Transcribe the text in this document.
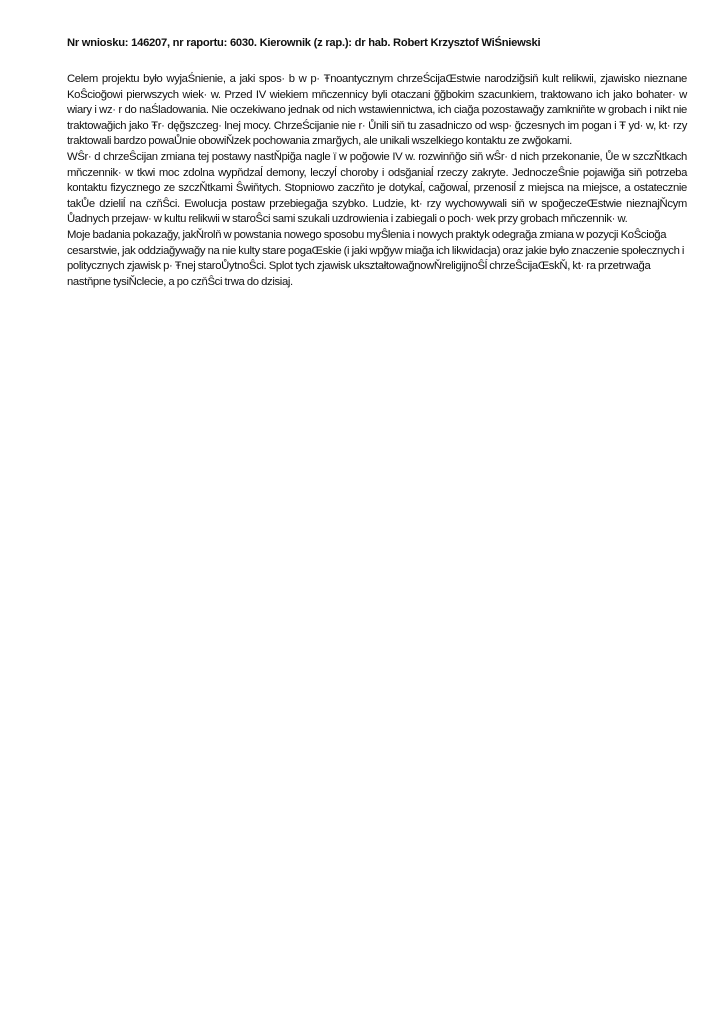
Nr wniosku: 146207, nr raportu: 6030. Kierownik (z rap.): dr hab. Robert Krzysztof WiŚniewski

Celem projektu było wyjaŚnienie, a jaki spos· b w p· Ŧnoantycznym chrzeŚcijaŒstwie narodziğsiň kult relikwii, zjawisko nieznane KoŜcioğowi pierwszych wiek· w. Przed IV wiekiem mňczennicy byli otaczani ğğbokim szacunkiem, traktowano ich jako bohater· w wiary i wz· r do naŚladowania. Nie oczekiwano jednak od nich wstawiennictwa, ich ciağa pozostawağy zamkniňte w grobach i nikt nie traktowağich jako Ŧr· dęğszczeg· lnej mocy. ChrzeŚcijanie nie r· Ůnili siň tu zasadniczo od wsp· ğczesnych im pogan i Ŧ yd· w, kt· rzy traktowali bardzo powaŮnie obowiŇzek pochowania zmarğych, ale unikali wszelkiego kontaktu ze zwğokami.

WŜr· d chrzeŜcijan zmiana tej postawy nastŇpiğa nagle ï w poğowie IV w. rozwinňğo siň wŜr· d nich przekonanie, Ůe w szczŇtkach mňczennik· w tkwi moc zdolna wypňdzaĺ demony, leczyĺ choroby i odsğaniaĺ rzeczy zakryte. JednoczeŜnie pojawiğa siň potrzeba kontaktu fizycznego ze szczŇtkami Ŝwiňtych. Stopniowo zaczňto je dotykaĺ, cağowaĺ, przenosiĺ z miejsca na miejsce, a ostatecznie takŮe dzieliĺ na czňŜci. Ewolucja postaw przebiegağa szybko. Ludzie, kt· rzy wychowywali siň w spoğeczeŒstwie nieznajŇcym Ůadnych przejaw· w kultu relikwii w staroŜci sami szukali uzdrowienia i zabiegali o poch· wek przy grobach mňczennik· w.

Moje badania pokazağy, jakŇrolň w powstania nowego sposobu myŜlenia i nowych praktyk odegrağa zmiana w pozycji KoŜcioğa cesarstwie, jak oddziağywağy na nie kulty stare pogaŒskie (i jaki wpğyw miağa ich likwidacja) oraz jakie było znaczenie społecznych i politycznych zjawisk p· Ŧnej staroŮytnoŜci. Splot tych zjawisk ukształtowağnowŇreligijnoŜĺ chrzeŜcijaŒskŇ, kt· ra przetrwağa nastňpne tysiŇclecie, a po czňŜci trwa do dzisiaj.
